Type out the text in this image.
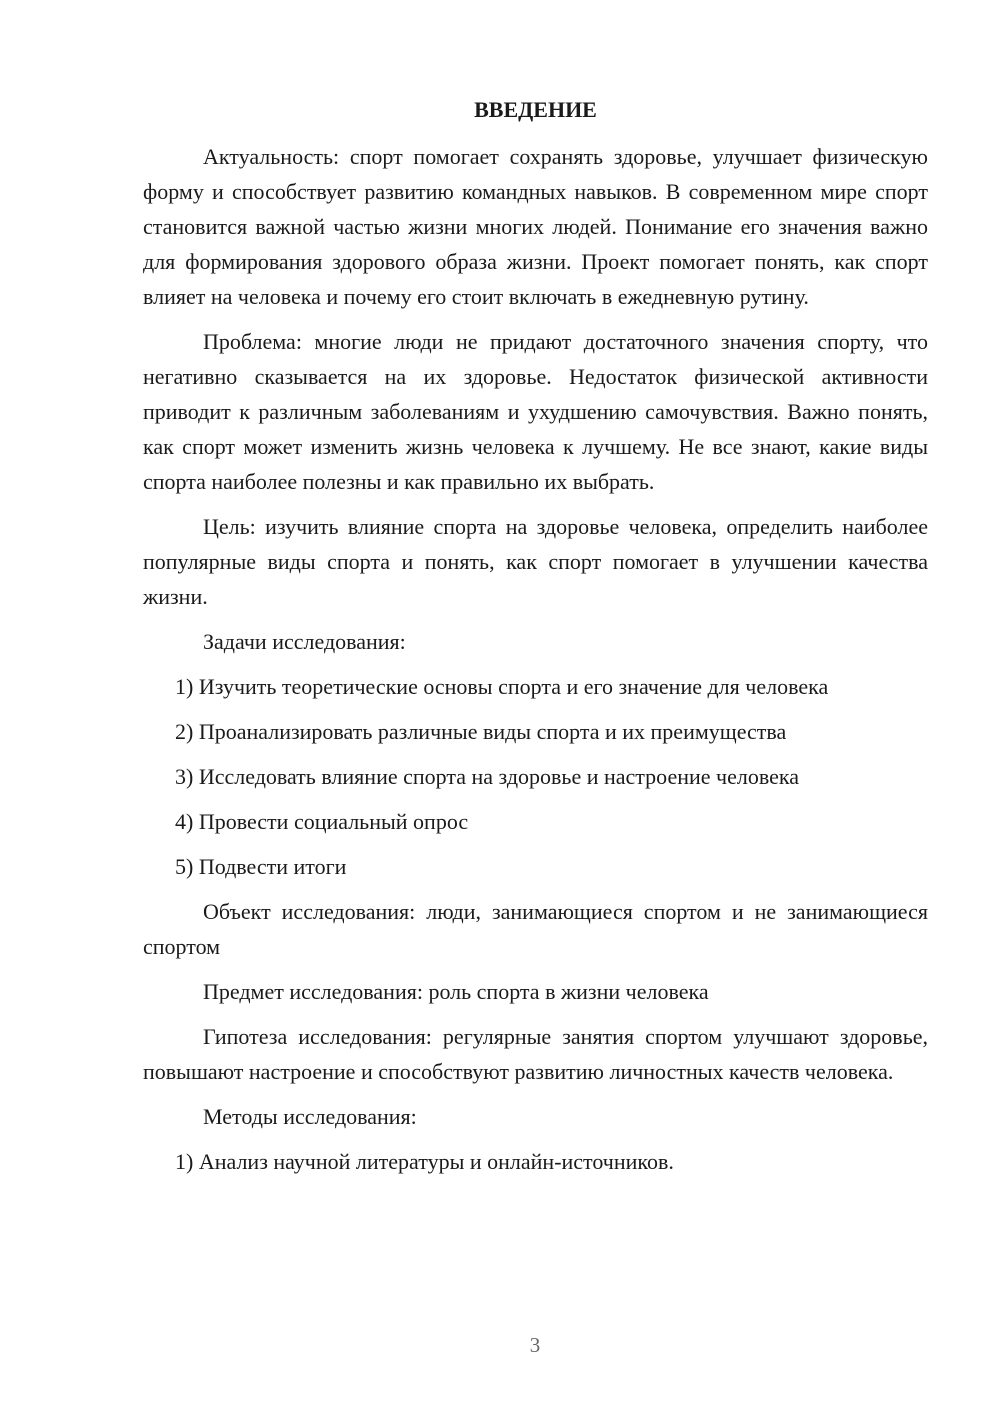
ВВЕДЕНИЕ

Актуальность: спорт помогает сохранять здоровье, улучшает физическую форму и способствует развитию командных навыков. В современном мире спорт становится важной частью жизни многих людей. Понимание его значения важно для формирования здорового образа жизни. Проект помогает понять, как спорт влияет на человека и почему его стоит включать в ежедневную рутину.

Проблема: многие люди не придают достаточного значения спорту, что негативно сказывается на их здоровье. Недостаток физической активности приводит к различным заболеваниям и ухудшению самочувствия. Важно понять, как спорт может изменить жизнь человека к лучшему. Не все знают, какие виды спорта наиболее полезны и как правильно их выбрать.

Цель: изучить влияние спорта на здоровье человека, определить наиболее популярные виды спорта и понять, как спорт помогает в улучшении качества жизни.

Задачи исследования:

1) Изучить теоретические основы спорта и его значение для человека
2) Проанализировать различные виды спорта и их преимущества
3) Исследовать влияние спорта на здоровье и настроение человека
4) Провести социальный опрос
5) Подвести итоги

Объект исследования: люди, занимающиеся спортом и не занимающиеся спортом

Предмет исследования: роль спорта в жизни человека

Гипотеза исследования: регулярные занятия спортом улучшают здоровье, повышают настроение и способствуют развитию личностных качеств человека.

Методы исследования:

1) Анализ научной литературы и онлайн-источников.
3
